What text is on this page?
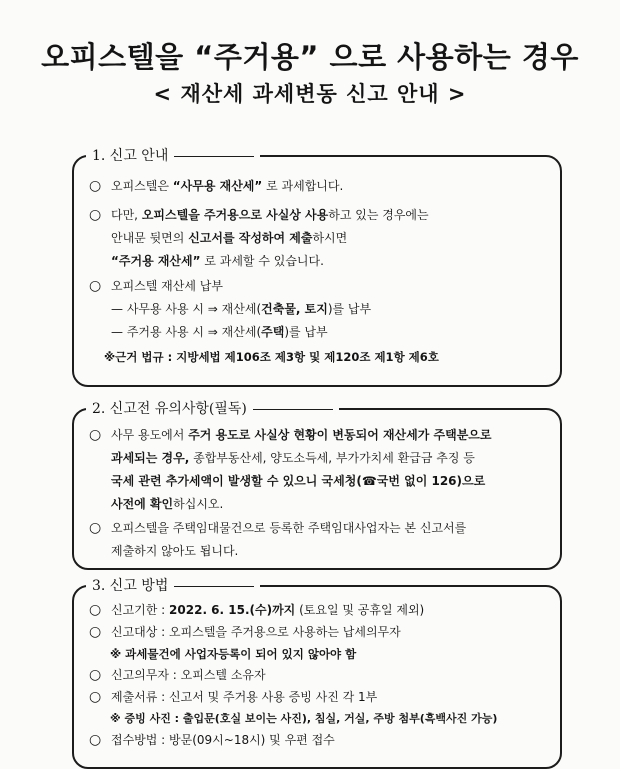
오피스텔을 “주거용” 으로 사용하는 경우
< 재산세 과세변동 신고 안내 >
1. 신고 안내
○ 오피스텔은 “사무용 재산세” 로 과세합니다.
○ 다만, 오피스텔을 주거용으로 사실상 사용하고 있는 경우에는
안내문 뒷면의 신고서를 작성하여 제출하시면
“주거용 재산세” 로 과세할 수 있습니다.
○ 오피스텔 재산세 납부
— 사무용 사용 시 ⇒ 재산세(건축물, 토지)를 납부
— 주거용 사용 시 ⇒ 재산세(주택)를 납부
※근거 법규 : 지방세법 제106조 제3항 및 제120조 제1항 제6호
2. 신고전 유의사항(필독)
○ 사무 용도에서 주거 용도로 사실상 현황이 변동되어 재산세가 주택분으로
과세되는 경우, 종합부동산세, 양도소득세, 부가가치세 환급금 추징 등
국세 관련 추가세액이 발생할 수 있으니 국세청(☎국번 없이 126)으로
사전에 확인하십시오.
○ 오피스텔을 주택임대물건으로 등록한 주택임대사업자는 본 신고서를
제출하지 않아도 됩니다.
3. 신고 방법
○ 신고기한 : 2022. 6. 15.(수)까지 (토요일 및 공휴일 제외)
○ 신고대상 : 오피스텔을 주거용으로 사용하는 납세의무자
※ 과세물건에 사업자등록이 되어 있지 않아야 함
○ 신고의무자 : 오피스텔 소유자
○ 제출서류 : 신고서 및 주거용 사용 증빙 사진 각 1부
※ 증빙 사진 : 출입문(호실 보이는 사진), 침실, 거실, 주방 첨부(흑백사진 가능)
○ 접수방법 : 방문(09시~18시) 및 우편 접수
